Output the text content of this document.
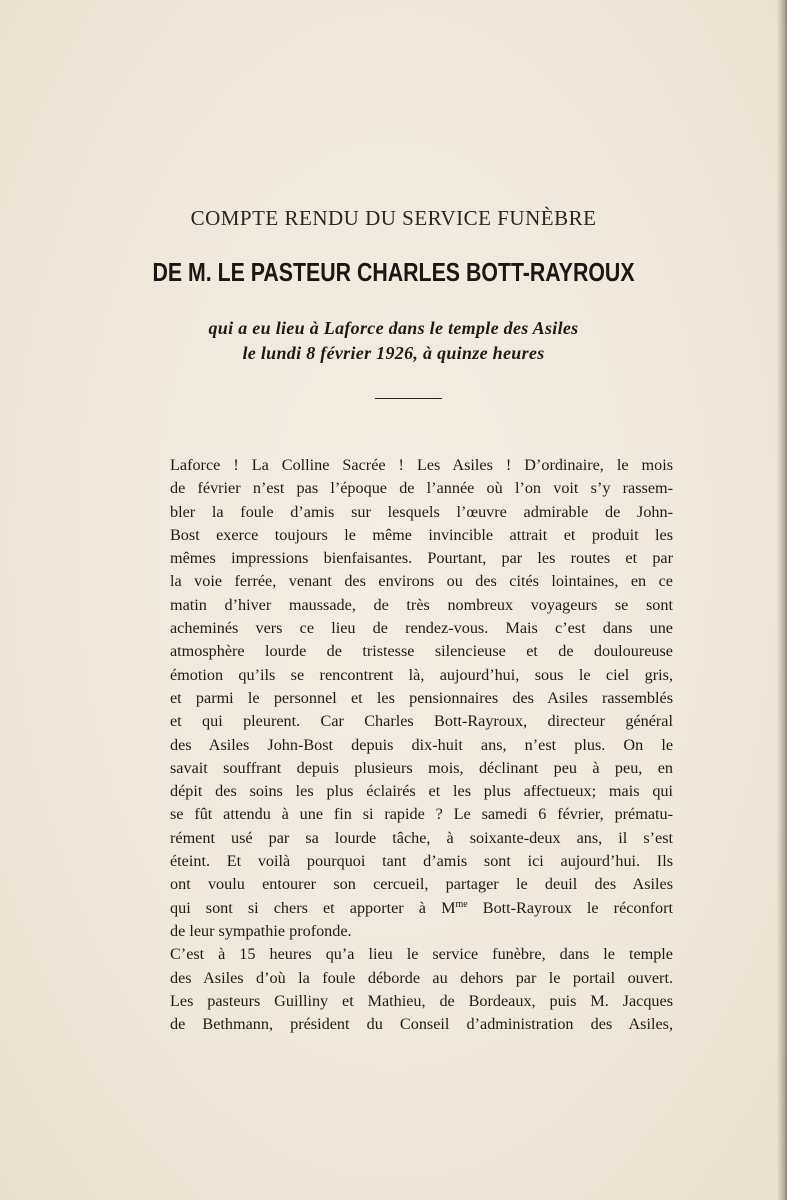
COMPTE RENDU DU SERVICE FUNÈBRE
DE M. LE PASTEUR CHARLES BOTT-RAYROUX

qui a eu lieu à Laforce dans le temple des Asiles

le lundi 8 février 1926, à quinze heures

Laforce ! La Colline Sacrée ! Les Asiles ! D’ordinaire, le mois
de février n’est pas l’époque de l’année où l’on voit s’y rassem-
bler la foule d’amis sur lesquels l’œuvre admirable de John-
Bost exerce toujours le même invincible attrait et produit les
mêmes impressions bienfaisantes. Pourtant, par les routes et par
la voie ferrée, venant des environs ou des cités lointaines, en ce
matin d’hiver maussade, de très nombreux voyageurs se sont
acheminés vers ce lieu de rendez-vous. Mais c’est dans une
atmosphère lourde de tristesse silencieuse et de douloureuse
émotion qu’ils se rencontrent là, aujourd’hui, sous le ciel gris,
et parmi le personnel et les pensionnaires des Asiles rassemblés
et qui pleurent. Car Charles Bott-Rayroux, directeur général
des Asiles John-Bost depuis dix-huit ans, n’est plus. On le
savait souffrant depuis plusieurs mois, déclinant peu à peu, en
dépit des soins les plus éclairés et les plus affectueux; mais qui
se fût attendu à une fin si rapide ? Le samedi 6 février, prématu-
rément usé par sa lourde tâche, à soixante-deux ans, il s’est
éteint. Et voilà pourquoi tant d’amis sont ici aujourd’hui. Ils
ont voulu entourer son cercueil, partager le deuil des Asiles
qui sont si chers et apporter à $M^{me}$ Bott-Rayroux le réconfort
de leur sympathie profonde.

C’est à 15 heures qu’a lieu le service funèbre, dans le temple
des Asiles d’où la foule déborde au dehors par le portail ouvert.
Les pasteurs Guilliny et Mathieu, de Bordeaux, puis M. Jacques
de Bethmann, président du Conseil d’administration des Asiles,
